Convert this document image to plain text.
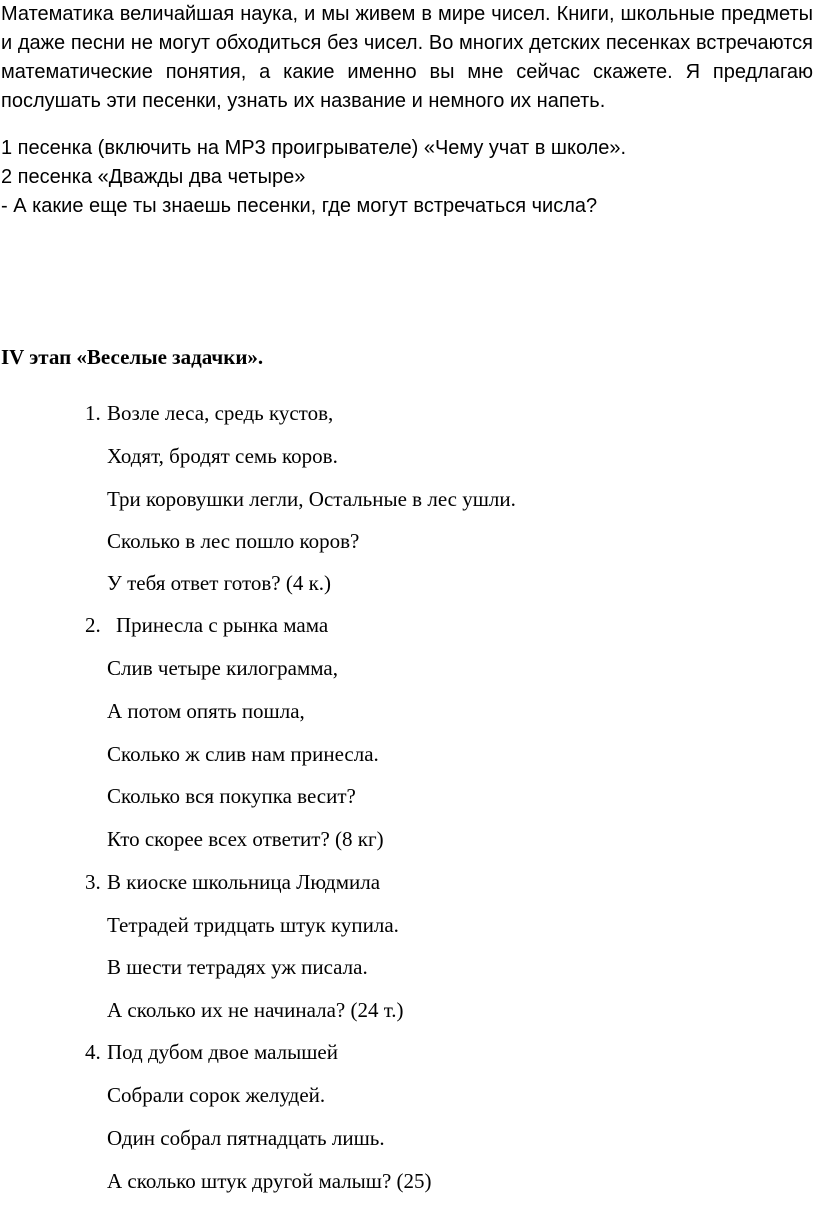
Математика величайшая наука, и мы живем в мире чисел. Книги, школьные предметы и даже песни не могут обходиться без чисел. Во многих детских песенках встречаются математические понятия, а какие именно вы мне сейчас скажете. Я предлагаю послушать эти песенки, узнать их название и немного их напеть.

1 песенка (включить на МР3 проигрывателе) «Чему учат в школе».
2 песенка «Дважды два четыре»
- А какие еще ты знаешь песенки, где могут встречаться числа?
IV этап «Веселые задачки».
1. Возле леса, средь кустов,
Ходят, бродят семь коров.
Три коровушки легли, Остальные в лес ушли.
Сколько в лес пошло коров?
У тебя ответ готов? (4 к.)
2. Принесла с рынка мама
Слив четыре килограмма,
А потом опять пошла,
Сколько ж слив нам принесла.
Сколько вся покупка весит?
Кто скорее всех ответит? (8 кг)
3. В киоске школьница Людмила
Тетрадей тридцать штук купила.
В шести тетрадях уж писала.
А сколько их не начинала? (24 т.)
4. Под дубом двое малышей
Собрали сорок желудей.
Один собрал пятнадцать лишь.
А сколько штук другой малыш? (25)
